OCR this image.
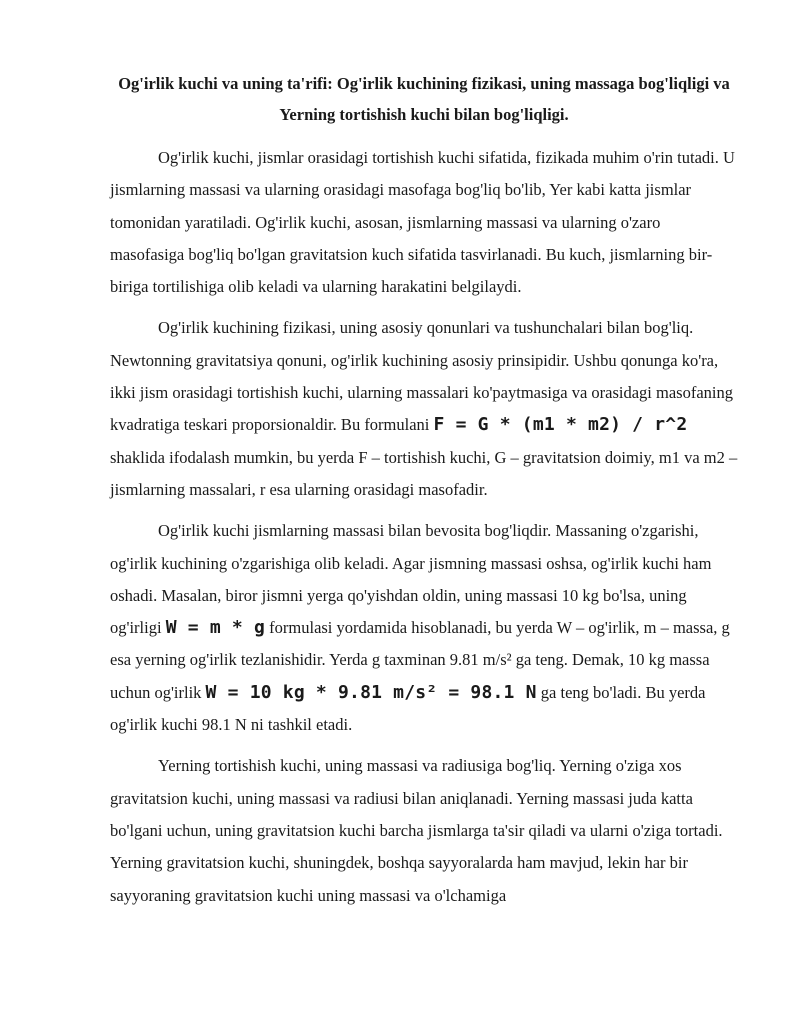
Og'irlik kuchi va uning ta'rifi: Og'irlik kuchining fizikasi, uning massaga bog'liqligi va Yerning tortishish kuchi bilan bog'liqligi.

Og'irlik kuchi, jismlar orasidagi tortishish kuchi sifatida, fizikada muhim o'rin tutadi. U jismlarning massasi va ularning orasidagi masofaga bog'liq bo'lib, Yer kabi katta jismlar tomonidan yaratiladi. Og'irlik kuchi, asosan, jismlarning massasi va ularning o'zaro masofasiga bog'liq bo'lgan gravitatsion kuch sifatida tasvirlanadi. Bu kuch, jismlarning bir-biriga tortilishiga olib keladi va ularning harakatini belgilaydi.

Og'irlik kuchining fizikasi, uning asosiy qonunlari va tushunchalari bilan bog'liq. Newtonning gravitatsiya qonuni, og'irlik kuchining asosiy prinsipidir. Ushbu qonunga ko'ra, ikki jism orasidagi tortishish kuchi, ularning massalari ko'paytmasiga va orasidagi masofaning kvadratiga teskari proporsionaldir. Bu formulani F = G * (m1 * m2) / r^2 shaklida ifodalash mumkin, bu yerda F – tortishish kuchi, G – gravitatsion doimiy, m1 va m2 – jismlarning massalari, r esa ularning orasidagi masofadir.

Og'irlik kuchi jismlarning massasi bilan bevosita bog'liqdir. Massaning o'zgarishi, og'irlik kuchining o'zgarishiga olib keladi. Agar jismning massasi oshsa, og'irlik kuchi ham oshadi. Masalan, biror jismni yerga qo'yishdan oldin, uning massasi 10 kg bo'lsa, uning og'irligi W = m * g formulasi yordamida hisoblanadi, bu yerda W – og'irlik, m – massa, g esa yerning og'irlik tezlanishidir. Yerda g taxminan 9.81 m/s² ga teng. Demak, 10 kg massa uchun og'irlik W = 10 kg * 9.81 m/s² = 98.1 N ga teng bo'ladi. Bu yerda og'irlik kuchi 98.1 N ni tashkil etadi.

Yerning tortishish kuchi, uning massasi va radiusiga bog'liq. Yerning o'ziga xos gravitatsion kuchi, uning massasi va radiusi bilan aniqlanadi. Yerning massasi juda katta bo'lgani uchun, uning gravitatsion kuchi barcha jismlarga ta'sir qiladi va ularni o'ziga tortadi. Yerning gravitatsion kuchi, shuningdek, boshqa sayyoralarda ham mavjud, lekin har bir sayyoraning gravitatsion kuchi uning massasi va o'lchamiga
